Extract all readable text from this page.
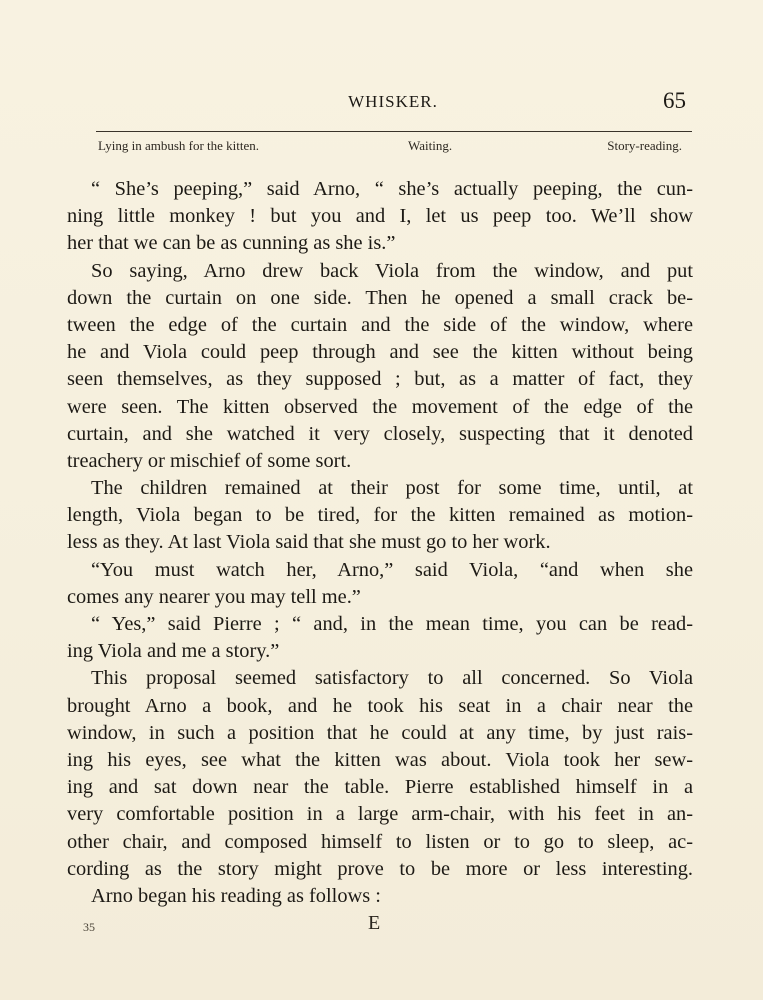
WHISKER.	65
Lying in ambush for the kitten.	Waiting.	Story-reading.
“ She’s peeping,” said Arno, “ she’s actually peeping, the cun-
ning little monkey ! but you and I, let us peep too. We’ll show
her that we can be as cunning as she is.”
So saying, Arno drew back Viola from the window, and put
down the curtain on one side. Then he opened a small crack be-
tween the edge of the curtain and the side of the window, where
he and Viola could peep through and see the kitten without being
seen themselves, as they supposed ; but, as a matter of fact, they
were seen. The kitten observed the movement of the edge of the
curtain, and she watched it very closely, suspecting that it denoted
treachery or mischief of some sort.
The children remained at their post for some time, until, at
length, Viola began to be tired, for the kitten remained as motion-
less as they. At last Viola said that she must go to her work.
“You must watch her, Arno,” said Viola, “and when she
comes any nearer you may tell me.”
“ Yes,” said Pierre ; “ and, in the mean time, you can be read-
ing Viola and me a story.”
This proposal seemed satisfactory to all concerned. So Viola
brought Arno a book, and he took his seat in a chair near the
window, in such a position that he could at any time, by just rais-
ing his eyes, see what the kitten was about. Viola took her sew-
ing and sat down near the table. Pierre established himself in a
very comfortable position in a large arm-chair, with his feet in an-
other chair, and composed himself to listen or to go to sleep, ac-
cording as the story might prove to be more or less interesting.
Arno began his reading as follows :
35	E
